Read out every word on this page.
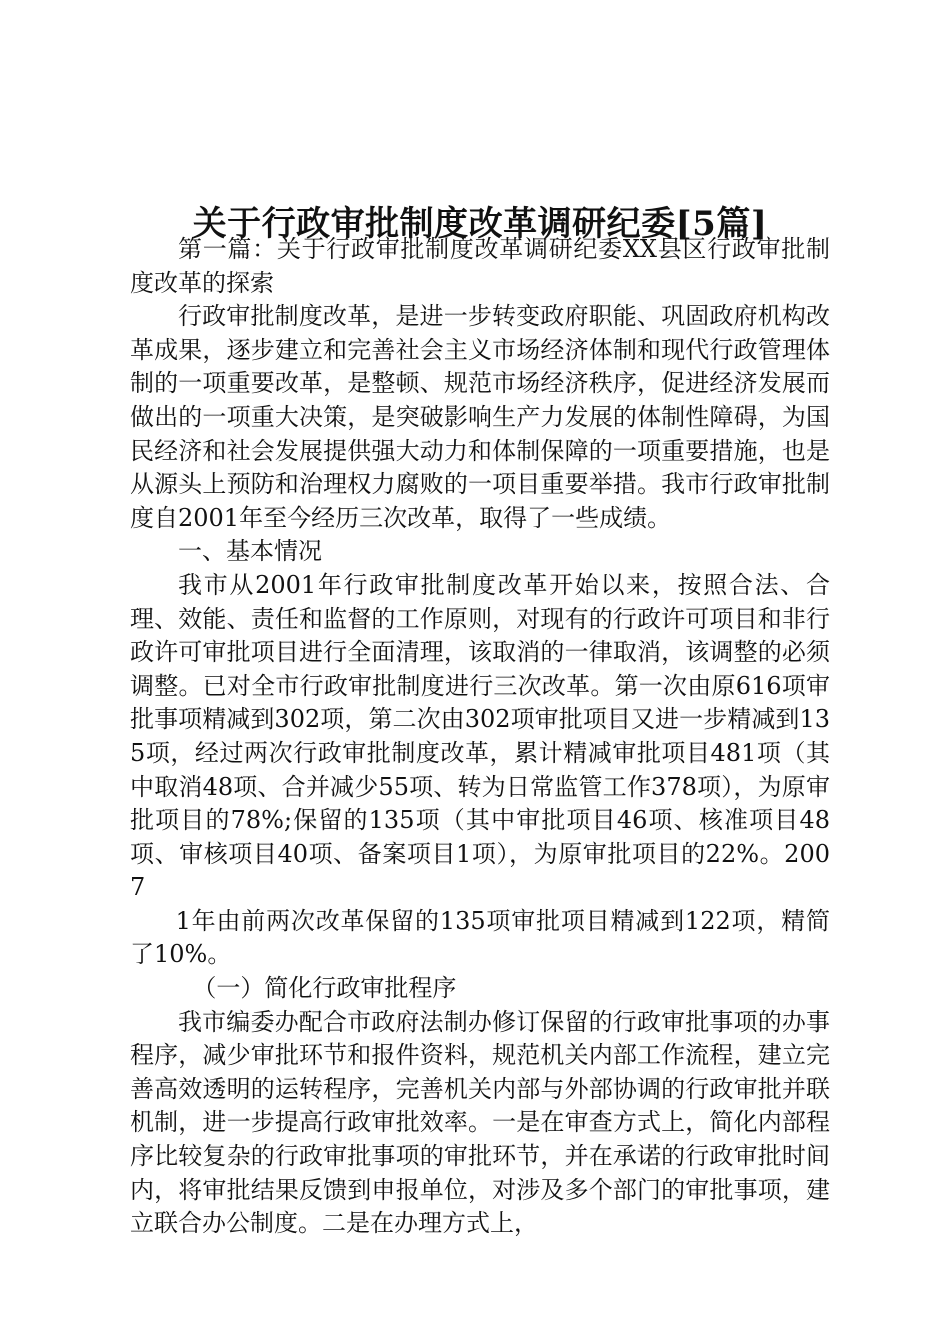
关于行政审批制度改革调研纪委[5篇]

第一篇：关于行政审批制度改革调研纪委XX县区行政审批制度改革的探索

行政审批制度改革，是进一步转变政府职能、巩固政府机构改革成果，逐步建立和完善社会主义市场经济体制和现代行政管理体制的一项重要改革，是整顿、规范市场经济秩序，促进经济发展而做出的一项重大决策，是突破影响生产力发展的体制性障碍，为国民经济和社会发展提供强大动力和体制保障的一项重要措施，也是从源头上预防和治理权力腐败的一项目重要举措。我市行政审批制度自2001年至今经历三次改革，取得了一些成绩。

一、基本情况

我市从2001年行政审批制度改革开始以来，按照合法、合理、效能、责任和监督的工作原则，对现有的行政许可项目和非行政许可审批项目进行全面清理，该取消的一律取消，该调整的必须调整。已对全市行政审批制度进行三次改革。第一次由原616项审批事项精减到302项，第二次由302项审批项目又进一步精减到135项，经过两次行政审批制度改革，累计精减审批项目481项（其中取消48项、合并减少55项、转为日常监管工作378项），为原审批项目的78%;保留的135项（其中审批项目46项、核准项目48项、审核项目40项、备案项目1项），为原审批项目的22%。2007

1年由前两次改革保留的135项审批项目精减到122项，精简了10%。

（一）简化行政审批程序

我市编委办配合市政府法制办修订保留的行政审批事项的办事程序，减少审批环节和报件资料，规范机关内部工作流程，建立完善高效透明的运转程序，完善机关内部与外部协调的行政审批并联机制，进一步提高行政审批效率。一是在审查方式上，简化内部程序比较复杂的行政审批事项的审批环节，并在承诺的行政审批时间内，将审批结果反馈到申报单位，对涉及多个部门的审批事项，建立联合办公制度。二是在办理方式上，
